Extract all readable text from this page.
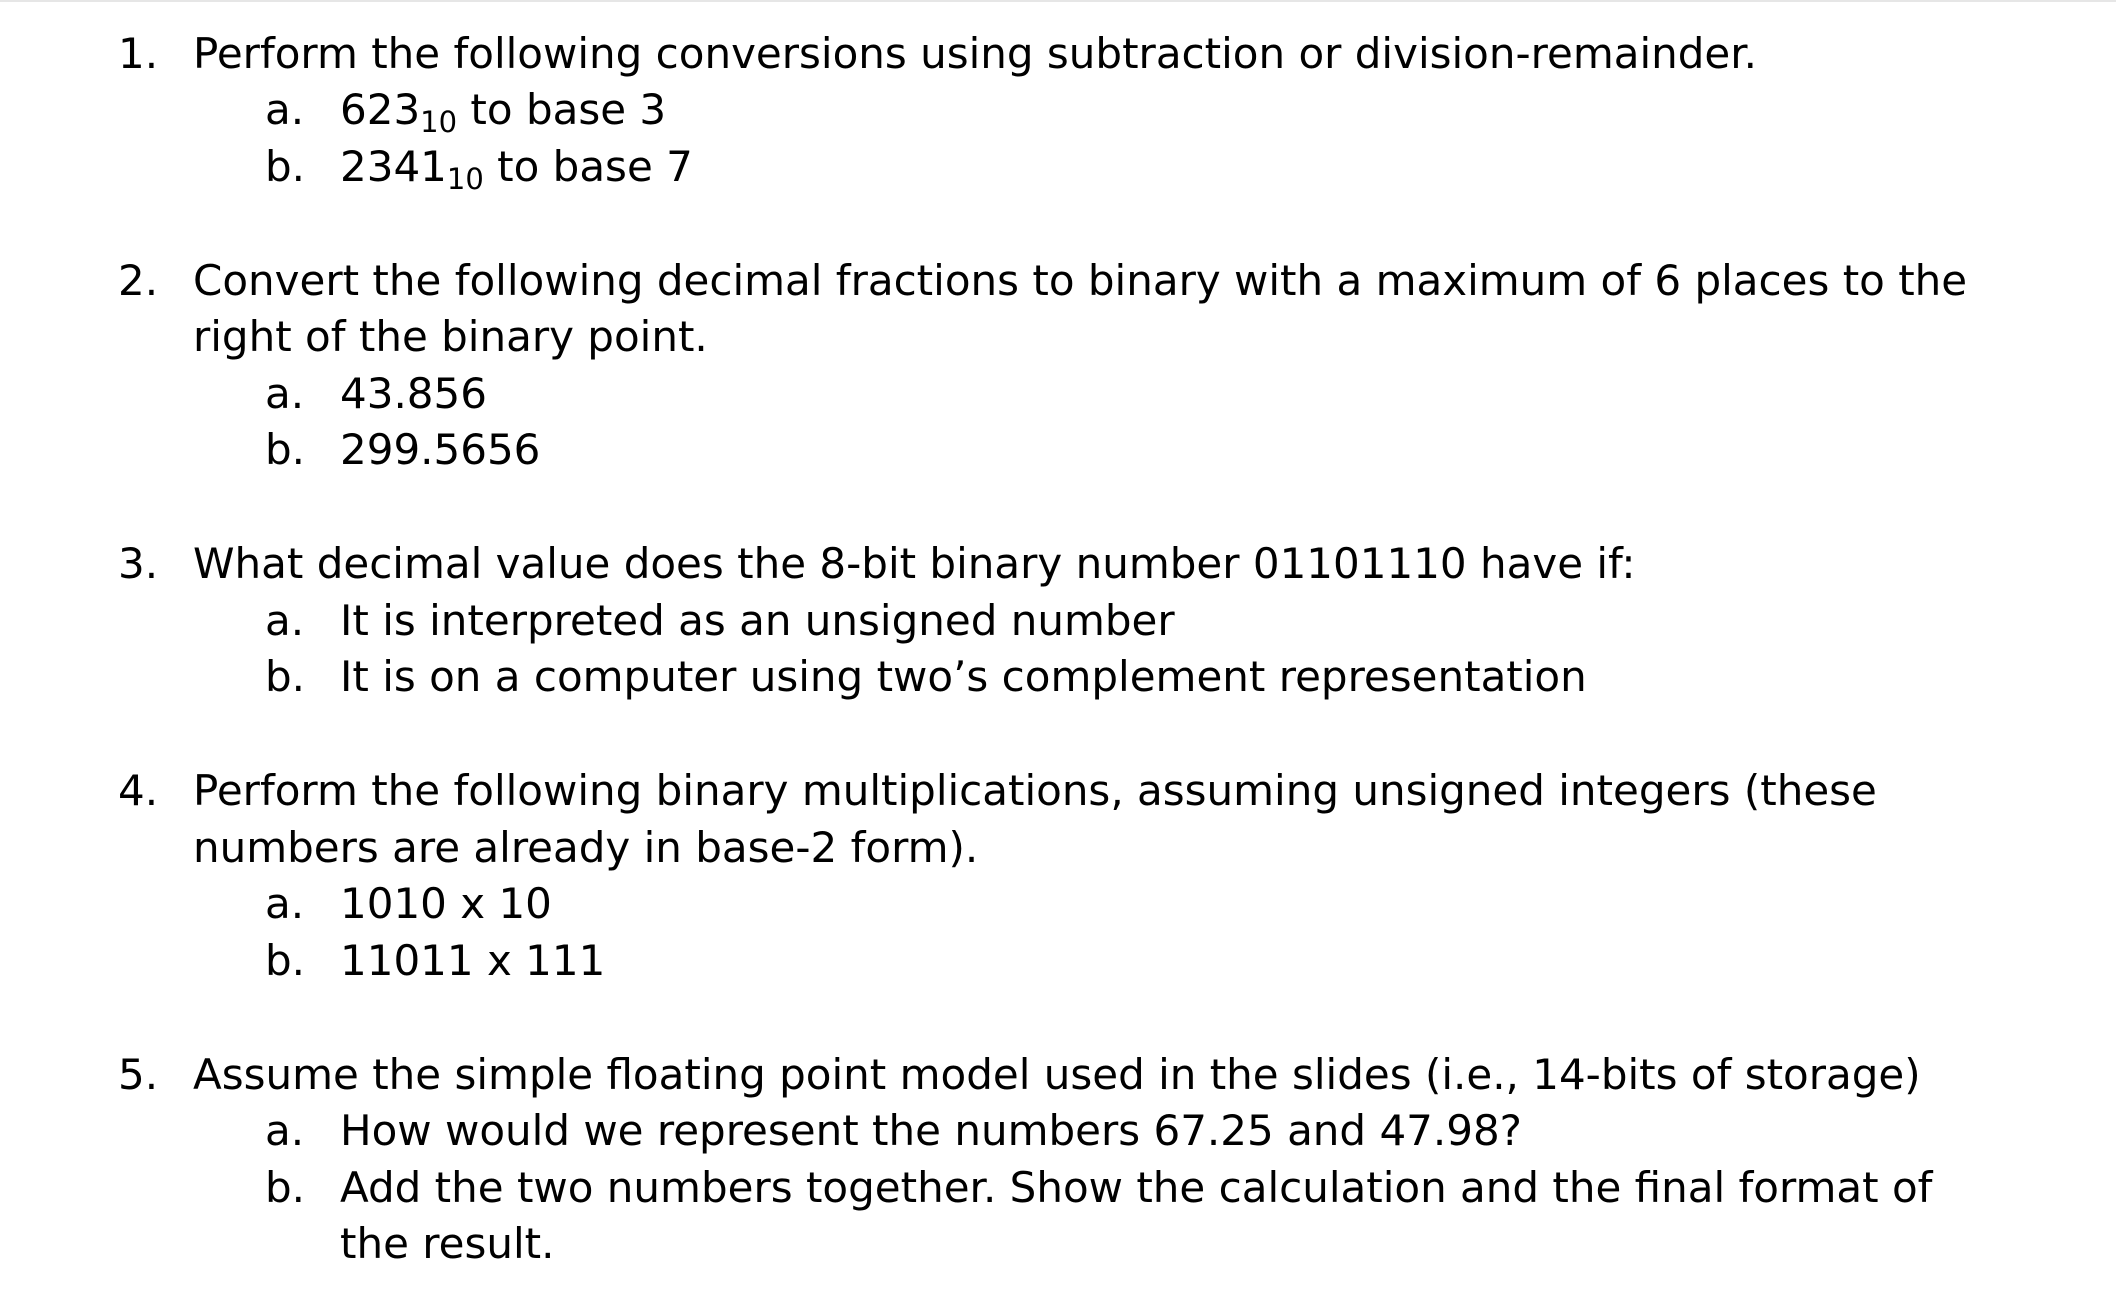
1. Perform the following conversions using subtraction or division-remainder.
a. 62310 to base 3
b. 234110 to base 7
2. Convert the following decimal fractions to binary with a maximum of 6 places to the
right of the binary point.
a. 43.856
b. 299.5656
3. What decimal value does the 8-bit binary number 01101110 have if:
a. It is interpreted as an unsigned number
b. It is on a computer using two’s complement representation
4. Perform the following binary multiplications, assuming unsigned integers (these
numbers are already in base-2 form).
a. 1010 x 10
b. 11011 x 111
5. Assume the simple floating point model used in the slides (i.e., 14-bits of storage)
a. How would we represent the numbers 67.25 and 47.98?
b. Add the two numbers together. Show the calculation and the final format of
the result.
